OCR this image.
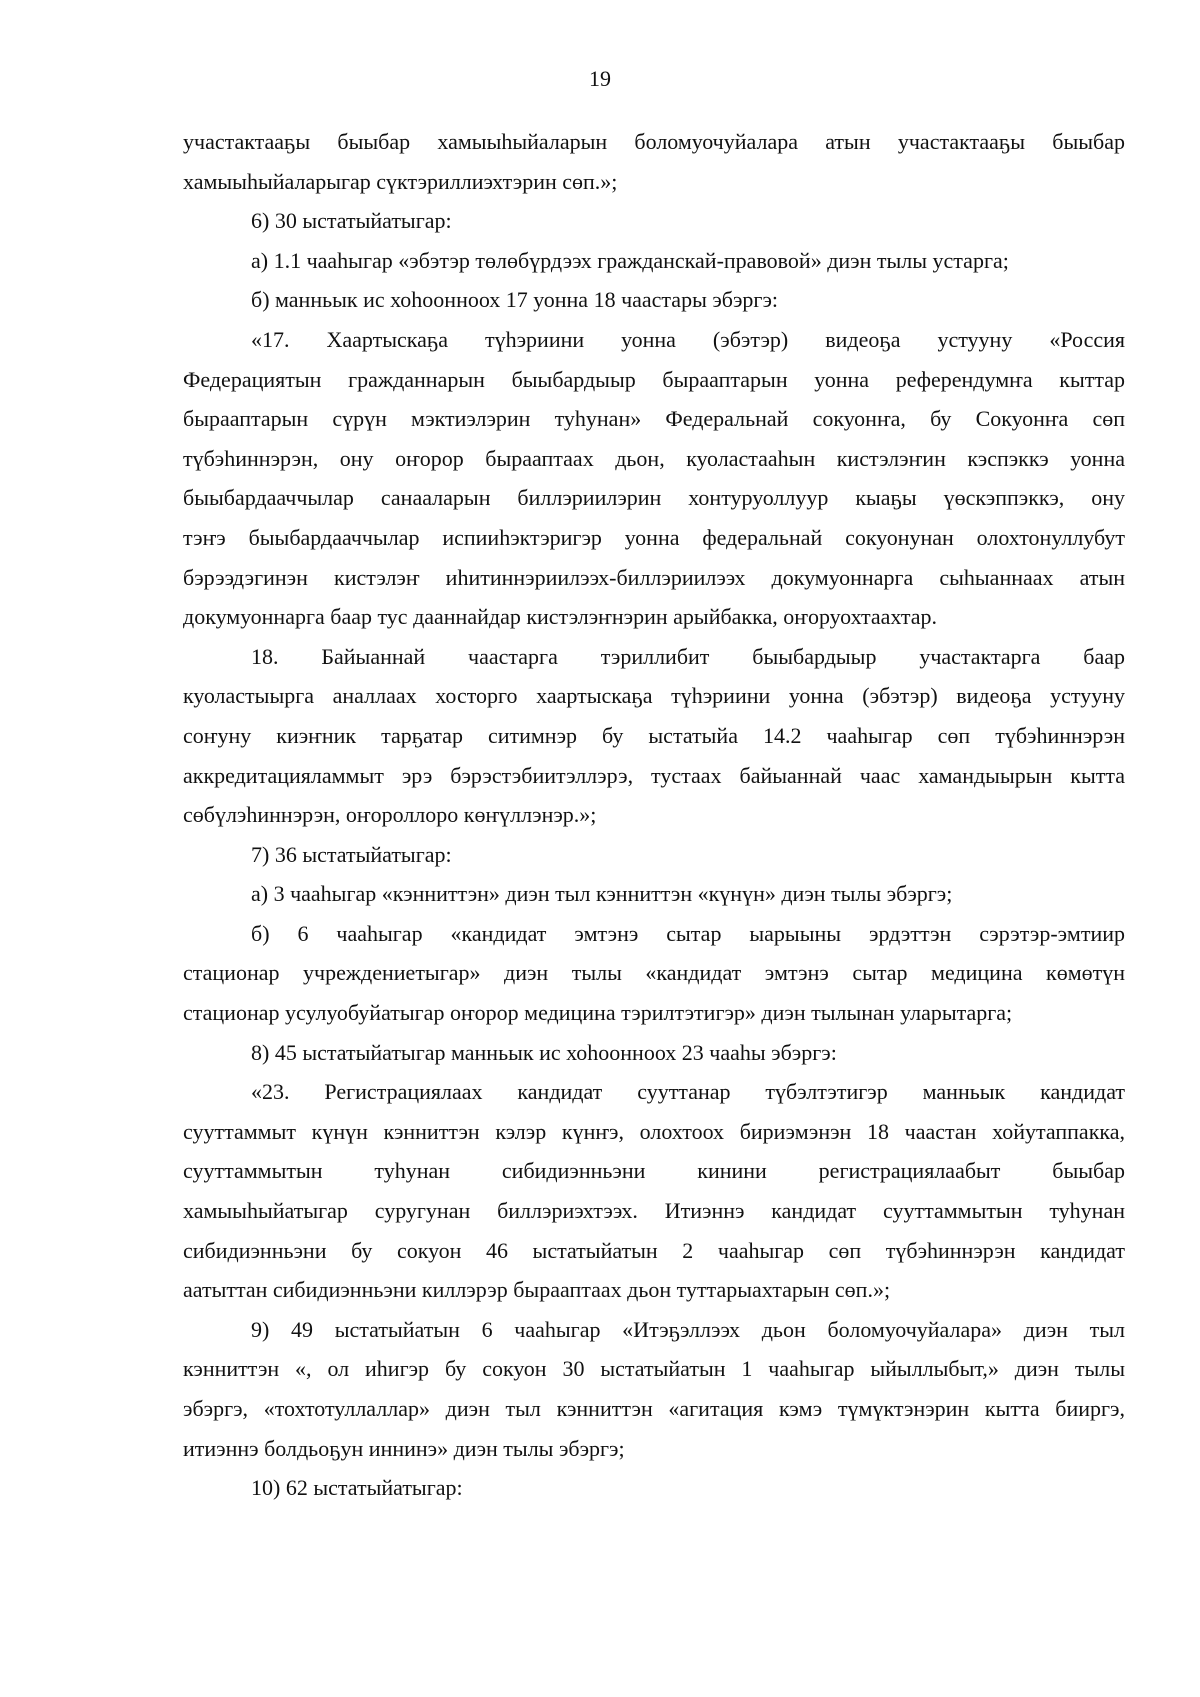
19

участактааҕы быыбар хамыыһыйаларын боломуочуйалара атын участактааҕы быыбар
хамыыһыйаларыгар сүктэриллиэхтэрин сөп.»;

6) 30 ыстатыйатыгар:

а) 1.1 чааһыгар «эбэтэр төлөбүрдээх гражданскай-правовой» диэн тылы устарга;

б) манньык ис хоһоонноох 17 уонна 18 чаастары эбэргэ:

«17. Хаартыскаҕа түһэриини уонна (эбэтэр) видеоҕа устууну «Россия
Федерациятын гражданнарын быыбардыыр бырааптарын уонна референдумҥа кыттар
бырааптарын сүрүн мэктиэлэрин туһунан» Федеральнай сокуонҥа, бу Сокуонҥа сөп
түбэһиннэрэн, ону оҥорор бырааптаах дьон, куоластааһын кистэлэҥин кэспэккэ уонна
быыбардааччылар санааларын биллэриилэрин хонтуруоллуур кыаҕы үөскэппэккэ, ону
тэҥэ быыбардааччылар испииһэктэригэр уонна федеральнай сокуонунан олохтонуллубут
бэрээдэгинэн кистэлэҥ иһитиннэриилээх-биллэриилээх докумуоннарга сыһыаннаах атын
докумуоннарга баар тус дааннайдар кистэлэҥнэрин арыйбакка, оҥоруохтаахтар.

18. Байыаннай чаастарга тэриллибит быыбардыыр участактарга баар
куоластыырга аналлаах хосторго хаартыскаҕа түһэриини уонна (эбэтэр) видеоҕа устууну
соҥуну киэҥник тарҕатар ситимнэр бу ыстатыйа 14.2 чааһыгар сөп түбэһиннэрэн
аккредитацияламмыт эрэ бэрэстэбиитэллэрэ, тустаах байыаннай чаас хамандыырын кытта
сөбүлэһиннэрэн, оҥороллоро көҥүллэнэр.»;

7) 36 ыстатыйатыгар:

а) 3 чааһыгар «кэнниттэн» диэн тыл кэнниттэн «күнүн» диэн тылы эбэргэ;

б) 6 чааһыгар «кандидат эмтэнэ сытар ыарыыны эрдэттэн сэрэтэр-эмтиир
стационар учреждениетыгар» диэн тылы «кандидат эмтэнэ сытар медицина көмөтүн
стационар усулуобуйатыгар оҥорор медицина тэрилтэтигэр» диэн тылынан уларытарга;

8) 45 ыстатыйатыгар манньык ис хоһоонноох 23 чааһы эбэргэ:

«23. Регистрациялаах кандидат сууттанар түбэлтэтигэр манньык кандидат
сууттаммыт күнүн кэнниттэн кэлэр күнҥэ, олохтоох бириэмэнэн 18 чаастан хойутаппакка,
сууттаммытын туһунан сибидиэнньэни кинини регистрациялаабыт быыбар
хамыыһыйатыгар суругунан биллэриэхтээх. Итиэннэ кандидат сууттаммытын туһунан
сибидиэнньэни бу сокуон 46 ыстатыйатын 2 чааһыгар сөп түбэһиннэрэн кандидат
аатыттан сибидиэнньэни киллэрэр бырааптаах дьон туттарыахтарын сөп.»;

9) 49 ыстатыйатын 6 чааһыгар «Итэҕэллээх дьон боломуочуйалара» диэн тыл
кэнниттэн «, ол иһигэр бу сокуон 30 ыстатыйатын 1 чааһыгар ыйыллыбыт,» диэн тылы
эбэргэ, «тохтотуллаллар» диэн тыл кэнниттэн «агитация кэмэ түмүктэнэрин кытта бииргэ,
итиэннэ болдьоҕун иннинэ» диэн тылы эбэргэ;

10) 62 ыстатыйатыгар:
